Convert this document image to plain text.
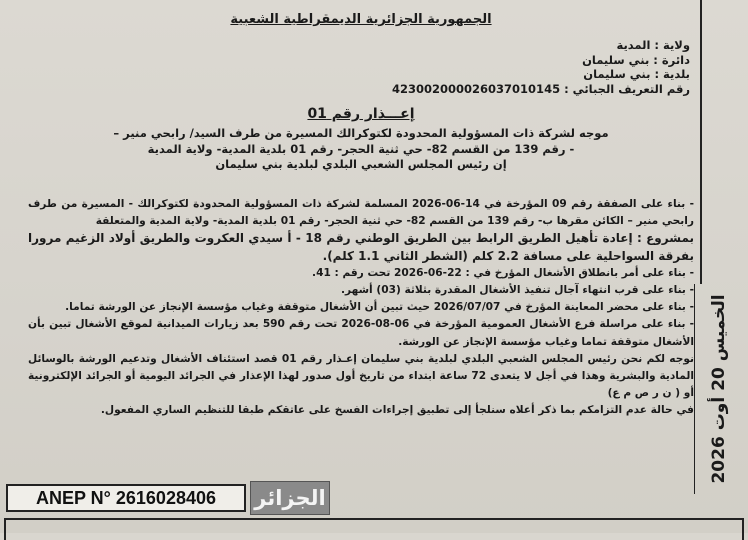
الجمهورية الجزائرية الديمقراطية الشعبية
ولاية : المدية
دائرة : بني سليمان
بلدية : بني سليمان
رقم التعريف الجبائي : 423002000026037010145
إعـــذار رقم 01
موجه لشركة ذات المسؤولية المحدودة لكتوكرالك المسيرة من طرف السيد/ رابحي منير –
- رقم 139 من القسم 82- حي ثنية الحجر- رقم 01 بلدية المدية- ولاية المدية
إن رئيس المجلس الشعبي البلدي لبلدية بني سليمان

- بناء على الصفقة رقم 09 المؤرخة في 14-06-2026 المسلمة لشركة ذات المسؤولية المحدودة لكتوكرالك - المسيرة من طرف رابحي منير – الكائن مقرها ب- رقم 139 من القسم 82- حي ثنية الحجر- رقم 01 بلدية المدية- ولاية المدية والمتعلقة

بمشروع : إعادة تأهيل الطريق الرابط بين الطريق الوطني رقم 18 - أ سيدي العكروت والطريق أولاد الزغيم مرورا بفرقة السواحلية على مسافة 2.2 كلم (الشطر الثاني 1.1 كلم).

- بناء على أمر بانطلاق الأشغال المؤرخ في : 22-06-2026 تحت رقم : 41.

- بناء على قرب انتهاء آجال تنفيذ الأشغال المقدرة بثلاثة (03) أشهر.

- بناء على محضر المعاينة المؤرخ في 2026/07/07 حيث تبين أن الأشغال متوقفة وغياب مؤسسة الإنجاز عن الورشة تماما.

- بناء على مراسلة فرع الأشغال العمومية المؤرخة في 06-08-2026 تحت رقم 590 بعد زيارات الميدانية لموقع الأشغال تبين بأن الأشغال متوقفة تماما وغياب مؤسسة الإنجاز عن الورشة.

نوجه لكم نحن رئيس المجلس الشعبي البلدي لبلدية بني سليمان إعـذار رقم 01 قصد استئناف الأشغال وتدعيم الورشة بالوسائل المادية والبشرية وهذا في أجل لا يتعدى 72 ساعة ابتداء من تاريخ أول صدور لهذا الإعذار في الجرائد اليومية أو الجرائد الإلكترونية أو ( ن ر ص م ع)

في حالة عدم التزامكم بما ذكر أعلاه سنلجأ إلى تطبيق إجراءات الفسخ على عاتقكم طبقا للتنظيم الساري المفعول.

الخميس 20 أوت 2026
ANEP N° 2616028406	الجزائر
